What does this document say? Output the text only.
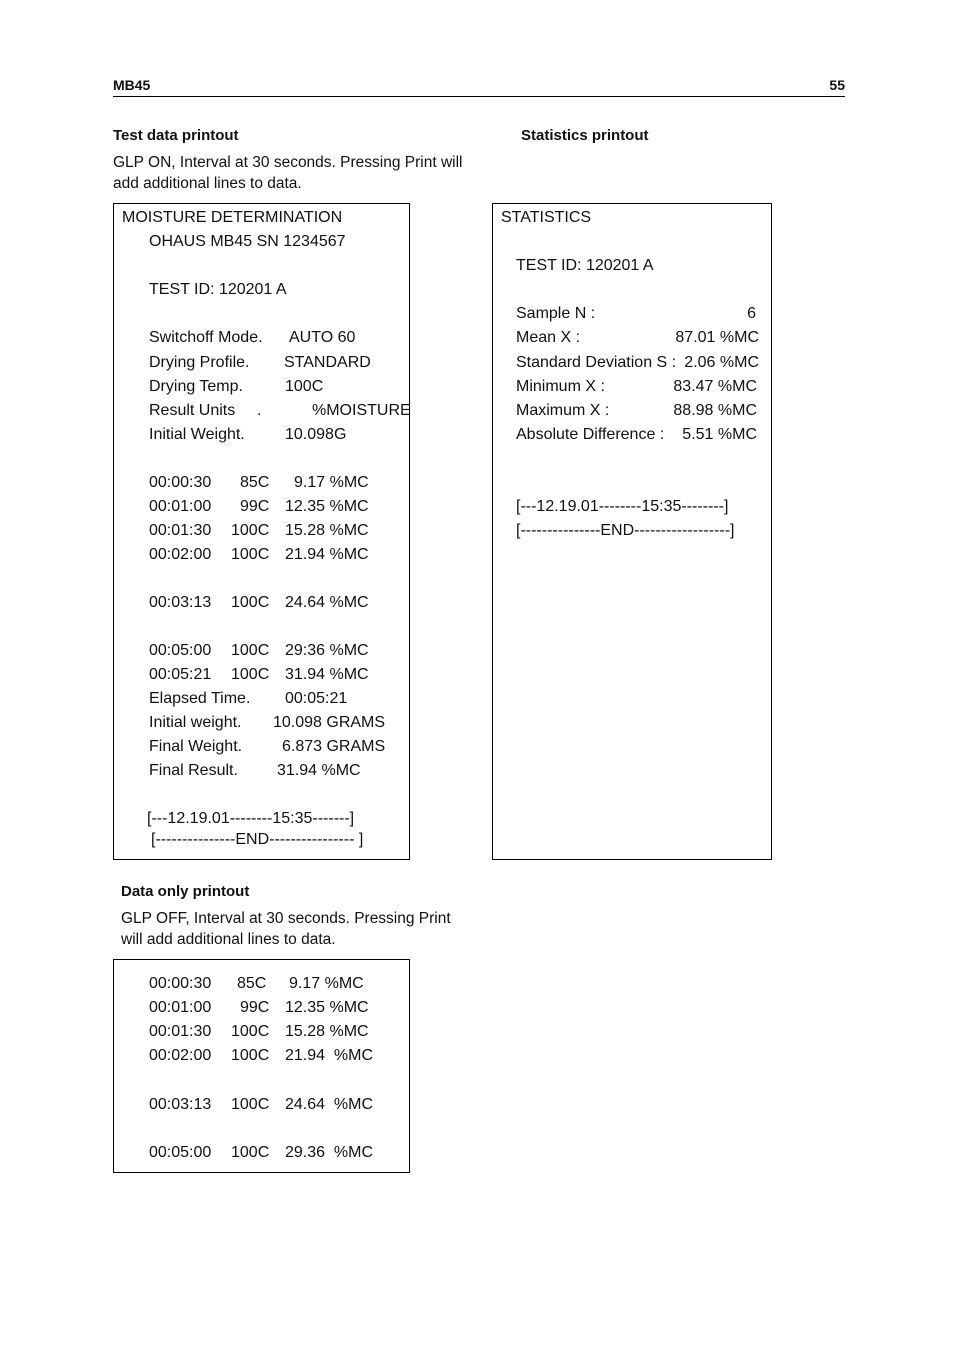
MB45	55
Test data printout
GLP ON, Interval at 30 seconds. Pressing Print will
add additional lines to data.
MOISTURE DETERMINATION
OHAUS MB45 SN 1234567
TEST ID: 120201 A
Switchoff Mode. AUTO 60
Drying Profile. STANDARD
Drying Temp.	100C
Result Units .	%MOISTURE
Initial Weight.	10.098G
00:00:30 85C 9.17 %MC
00:01:00 99C 12.35 %MC
00:01:30 100C 15.28 %MC
00:02:00 100C 21.94 %MC
00:03:13 100C 24.64 %MC
00:05:00 100C 29:36 %MC
00:05:21 100C 31.94 %MC
Elapsed Time. 00:05:21
Initial weight. 10.098 GRAMS
Final Weight. 6.873 GRAMS
Final Result. 31.94 %MC
[---12.19.01--------15:35-------]
[---------------END---------------- ]
Statistics printout
STATISTICS
TEST ID: 120201 A
Sample N :	6
Mean X :	87.01 %MC
Standard Deviation S : 2.06 %MC
Minimum X :	83.47 %MC
Maximum X :	88.98 %MC
Absolute Difference :	5.51 %MC
[---12.19.01--------15:35--------]
[---------------END------------------]
Data only printout
GLP OFF, Interval at 30 seconds. Pressing Print
will add additional lines to data.
00:00:30 85C 9.17 %MC
00:01:00 99C 12.35 %MC
00:01:30 100C 15.28 %MC
00:02:00 100C 21.94  %MC
00:03:13 100C 24.64  %MC
00:05:00 100C 29.36  %MC
